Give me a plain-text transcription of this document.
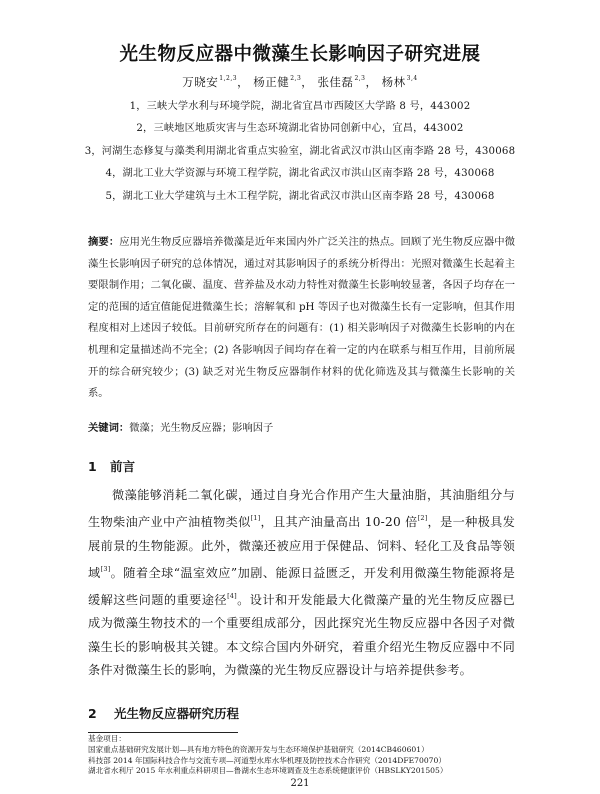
光生物反应器中微藻生长影响因子研究进展
万晓安$^{1,2,3}$， 杨正健$^{2,3}$， 张佳磊$^{2,3}$， 杨林$^{3,4}$
1，三峡大学水利与环境学院，湖北省宜昌市西陵区大学路 8 号，443002
2，三峡地区地质灾害与生态环境湖北省协同创新中心，宜昌，443002
3，河湖生态修复与藻类利用湖北省重点实验室，湖北省武汉市洪山区南李路 28 号，430068
4，湖北工业大学资源与环境工程学院，湖北省武汉市洪山区南李路 28 号，430068
5，湖北工业大学建筑与土木工程学院，湖北省武汉市洪山区南李路 28 号，430068
摘要：应用光生物反应器培养微藻是近年来国内外广泛关注的热点。回顾了光生物反应器中微藻生长影响因子研究的总体情况，通过对其影响因子的系统分析得出：光照对微藻生长起着主要限制作用；二氧化碳、温度、营养盐及水动力特性对微藻生长影响较显著，各因子均存在一定的范围的适宜值能促进微藻生长；溶解氧和 pH 等因子也对微藻生长有一定影响，但其作用程度相对上述因子较低。目前研究所存在的问题有：(1) 相关影响因子对微藻生长影响的内在机理和定量描述尚不完全；(2) 各影响因子间均存在着一定的内在联系与相互作用，目前所展开的综合研究较少；(3) 缺乏对光生物反应器制作材料的优化筛选及其与微藻生长影响的关系。
关键词：微藻；光生物反应器；影响因子
1 前言
微藻能够消耗二氧化碳，通过自身光合作用产生大量油脂，其油脂组分与生物柴油产业中产油植物类似[1]，且其产油量高出 10-20 倍[2]，是一种极具发展前景的生物能源。此外，微藻还被应用于保健品、饲料、轻化工及食品等领域[3]。随着全球“温室效应”加剧、能源日益匮乏，开发利用微藻生物能源将是缓解这些问题的重要途径[4]。设计和开发能最大化微藻产量的光生物反应器已成为微藻生物技术的一个重要组成部分，因此探究光生物反应器中各因子对微藻生长的影响极其关键。本文综合国内外研究，着重介绍光生物反应器中不同条件对微藻生长的影响，为微藻的光生物反应器设计与培养提供参考。
2 光生物反应器研究历程
基金项目：
国家重点基础研究发展计划—具有地方特色的资源开发与生态环境保护基础研究（2014CB460601）
科技部 2014 年国际科技合作与交流专项—河道型水库水华机理及防控技术合作研究（2014DFE70070）
湖北省水利厅 2015 年水利重点科研项目—鲁湖水生态环境调查及生态系统健康评价（HBSLKY201505）
221
